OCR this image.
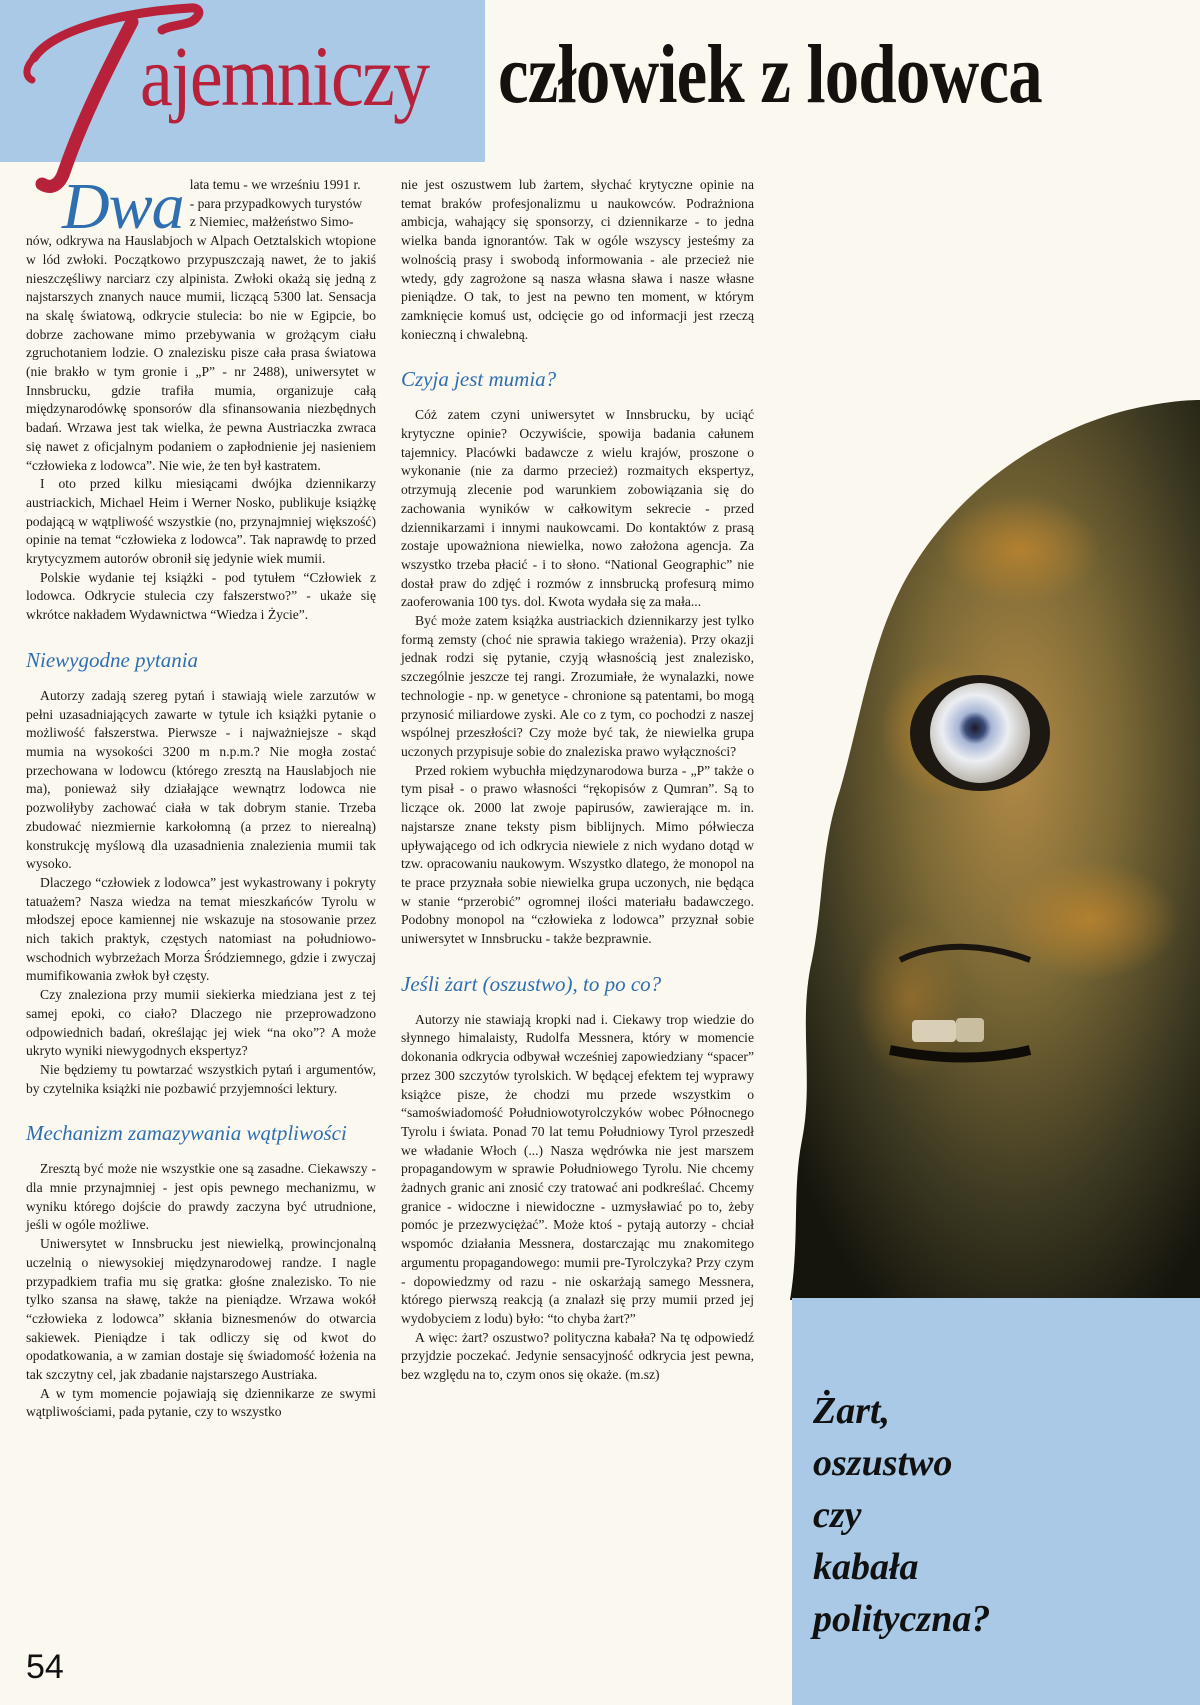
ajemniczy człowiek z lodowca

Dwa lata temu - we wrześniu 1991 r.
- para przypadkowych turystów
z Niemiec, małżeństwo Simo-
nów, odkrywa na Hauslabjoch w Alpach Oetztalskich wtopione w lód zwłoki. Początkowo przypuszczają nawet, że to jakiś nieszczęśliwy narciarz czy alpinista. Zwłoki okażą się jedną z najstarszych znanych nauce mumii, liczącą 5300 lat. Sensacja na skalę światową, odkrycie stulecia: bo nie w Egipcie, bo dobrze zachowane mimo przebywania w grożącym ciału zgruchotaniem lodzie. O znalezisku pisze cała prasa światowa (nie brakło w tym gronie i „P” - nr 2488), uniwersytet w Innsbrucku, gdzie trafiła mumia, organizuje całą międzynarodówkę sponsorów dla sfinansowania niezbędnych badań. Wrzawa jest tak wielka, że pewna Austriaczka zwraca się nawet z oficjalnym podaniem o zapłodnienie jej nasieniem “człowieka z lodowca”. Nie wie, że ten był kastratem.

I oto przed kilku miesiącami dwójka dziennikarzy austriackich, Michael Heim i Werner Nosko, publikuje książkę podającą w wątpliwość wszystkie (no, przynajmniej większość) opinie na temat “człowieka z lodowca”. Tak naprawdę to przed krytycyzmem autorów obronił się jedynie wiek mumii.

Polskie wydanie tej książki - pod tytułem “Człowiek z lodowca. Odkrycie stulecia czy fałszerstwo?” - ukaże się wkrótce nakładem Wydawnictwa “Wiedza i Życie”.

Niewygodne pytania

Autorzy zadają szereg pytań i stawiają wiele zarzutów w pełni uzasadniających zawarte w tytule ich książki pytanie o możliwość fałszerstwa. Pierwsze - i najważniejsze - skąd mumia na wysokości 3200 m n.p.m.? Nie mogła zostać przechowana w lodowcu (którego zresztą na Hauslabjoch nie ma), ponieważ siły działające wewnątrz lodowca nie pozwoliłyby zachować ciała w tak dobrym stanie. Trzeba zbudować niezmiernie karkołomną (a przez to nierealną) konstrukcję myślową dla uzasadnienia znalezienia mumii tak wysoko.

Dlaczego “człowiek z lodowca” jest wykastrowany i pokryty tatuażem? Nasza wiedza na temat mieszkańców Tyrolu w młodszej epoce kamiennej nie wskazuje na stosowanie przez nich takich praktyk, częstych natomiast na południowo-wschodnich wybrzeżach Morza Śródziemnego, gdzie i zwyczaj mumifikowania zwłok był częsty.

Czy znaleziona przy mumii siekierka miedziana jest z tej samej epoki, co ciało? Dlaczego nie przeprowadzono odpowiednich badań, określając jej wiek “na oko”? A może ukryto wyniki niewygodnych ekspertyz?

Nie będziemy tu powtarzać wszystkich pytań i argumentów, by czytelnika książki nie pozbawić przyjemności lektury.

Mechanizm zamazywania wątpliwości

Zresztą być może nie wszystkie one są zasadne. Ciekawszy - dla mnie przynajmniej - jest opis pewnego mechanizmu, w wyniku którego dojście do prawdy zaczyna być utrudnione, jeśli w ogóle możliwe.

Uniwersytet w Innsbrucku jest niewielką, prowincjonalną uczelnią o niewysokiej międzynarodowej randze. I nagle przypadkiem trafia mu się gratka: głośne znalezisko. To nie tylko szansa na sławę, także na pieniądze. Wrzawa wokół “człowieka z lodowca” skłania biznesmenów do otwarcia sakiewek. Pieniądze i tak odliczy się od kwot do opodatkowania, a w zamian dostaje się świadomość łożenia na tak szczytny cel, jak zbadanie najstarszego Austriaka.

A w tym momencie pojawiają się dziennikarze ze swymi wątpliwościami, pada pytanie, czy to wszystko

nie jest oszustwem lub żartem, słychać krytyczne opinie na temat braków profesjonalizmu u naukowców. Podrażniona ambicja, wahający się sponsorzy, ci dziennikarze - to jedna wielka banda ignorantów. Tak w ogóle wszyscy jesteśmy za wolnością prasy i swobodą informowania - ale przecież nie wtedy, gdy zagrożone są nasza własna sława i nasze własne pieniądze. O tak, to jest na pewno ten moment, w którym zamknięcie komuś ust, odcięcie go od informacji jest rzeczą konieczną i chwalebną.

Czyja jest mumia?

Cóż zatem czyni uniwersytet w Innsbrucku, by uciąć krytyczne opinie? Oczywiście, spowija badania całunem tajemnicy. Placówki badawcze z wielu krajów, proszone o wykonanie (nie za darmo przecież) rozmaitych ekspertyz, otrzymują zlecenie pod warunkiem zobowiązania się do zachowania wyników w całkowitym sekrecie - przed dziennikarzami i innymi naukowcami. Do kontaktów z prasą zostaje upoważniona niewielka, nowo założona agencja. Za wszystko trzeba płacić - i to słono. “National Geographic” nie dostał praw do zdjęć i rozmów z innsbrucką profesurą mimo zaoferowania 100 tys. dol. Kwota wydała się za mała...

Być może zatem książka austriackich dziennikarzy jest tylko formą zemsty (choć nie sprawia takiego wrażenia). Przy okazji jednak rodzi się pytanie, czyją własnością jest znalezisko, szczególnie jeszcze tej rangi. Zrozumiałe, że wynalazki, nowe technologie - np. w genetyce - chronione są patentami, bo mogą przynosić miliardowe zyski. Ale co z tym, co pochodzi z naszej wspólnej przeszłości? Czy może być tak, że niewielka grupa uczonych przypisuje sobie do znaleziska prawo wyłączności?

Przed rokiem wybuchła międzynarodowa burza - „P” także o tym pisał - o prawo własności “rękopisów z Qumran”. Są to liczące ok. 2000 lat zwoje papirusów, zawierające m. in. najstarsze znane teksty pism biblijnych. Mimo półwiecza upływającego od ich odkrycia niewiele z nich wydano dotąd w tzw. opracowaniu naukowym. Wszystko dlatego, że monopol na te prace przyznała sobie niewielka grupa uczonych, nie będąca w stanie “przerobić” ogromnej ilości materiału badawczego. Podobny monopol na “człowieka z lodowca” przyznał sobie uniwersytet w Innsbrucku - także bezprawnie.

Jeśli żart (oszustwo), to po co?

Autorzy nie stawiają kropki nad i. Ciekawy trop wiedzie do słynnego himalaisty, Rudolfa Messnera, który w momencie dokonania odkrycia odbywał wcześniej zapowiedziany “spacer” przez 300 szczytów tyrolskich. W będącej efektem tej wyprawy książce pisze, że chodzi mu przede wszystkim o “samoświadomość Południowotyrolczyków wobec Północnego Tyrolu i świata. Ponad 70 lat temu Południowy Tyrol przeszedł we władanie Włoch (...) Nasza wędrówka nie jest marszem propagandowym w sprawie Południowego Tyrolu. Nie chcemy żadnych granic ani znosić czy tratować ani podkreślać. Chcemy granice - widoczne i niewidoczne - uzmysławiać po to, żeby pomóc je przezwyciężać”. Może ktoś - pytają autorzy - chciał wspomóc działania Messnera, dostarczając mu znakomitego argumentu propagandowego: mumii pre-Tyrolczyka? Przy czym - dopowiedzmy od razu - nie oskarżają samego Messnera, którego pierwszą reakcją (a znalazł się przy mumii przed jej wydobyciem z lodu) było: “to chyba żart?”

A więc: żart? oszustwo? polityczna kabała? Na tę odpowiedź przyjdzie poczekać. Jedynie sensacyjność odkrycia jest pewna, bez względu na to, czym onos się okaże. (m.sz)

Żart,
oszustwo
czy
kabała
polityczna?
54
